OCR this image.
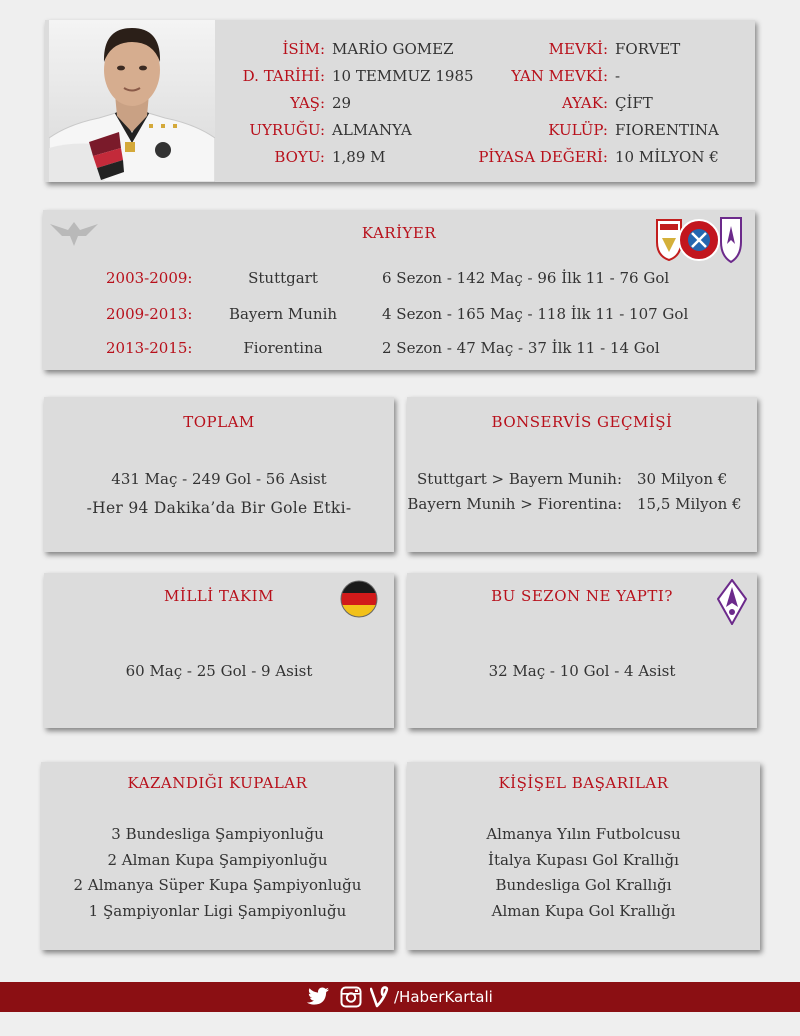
İSİM: MARİO GOMEZ
D. TARİHİ: 10 TEMMUZ 1985
YAŞ: 29
UYRUĞU: ALMANYA
BOYU: 1,89 M
MEVKİ: FORVET
YAN MEVKİ: -
AYAK: ÇİFT
KULÜP: FIORENTINA
PİYASA DEĞERİ: 10 MİLYON €
KARİYER
2003-2009:	Stuttgart	6 Sezon - 142 Maç - 96 İlk 11 - 76 Gol
2009-2013:	Bayern Munih	4 Sezon - 165 Maç - 118 İlk 11 - 107 Gol
2013-2015:	Fiorentina	2 Sezon - 47 Maç - 37 İlk 11 - 14 Gol
TOPLAM
431 Maç - 249 Gol - 56 Asist
-Her 94 Dakika’da Bir Gole Etki-
BONSERVİS GEÇMİŞİ
Stuttgart > Bayern Munih: 30 Milyon €
Bayern Munih > Fiorentina: 15,5 Milyon €
MİLLİ TAKIM
60 Maç - 25 Gol - 9 Asist
BU SEZON NE YAPTI?
32 Maç - 10 Gol - 4 Asist
KAZANDIĞI KUPALAR
3 Bundesliga Şampiyonluğu
2 Alman Kupa Şampiyonluğu
2 Almanya Süper Kupa Şampiyonluğu
1 Şampiyonlar Ligi Şampiyonluğu
KİŞİŞEL BAŞARILAR
Almanya Yılın Futbolcusu
İtalya Kupası Gol Krallığı
Bundesliga Gol Krallığı
Alman Kupa Gol Krallığı
/HaberKartali
